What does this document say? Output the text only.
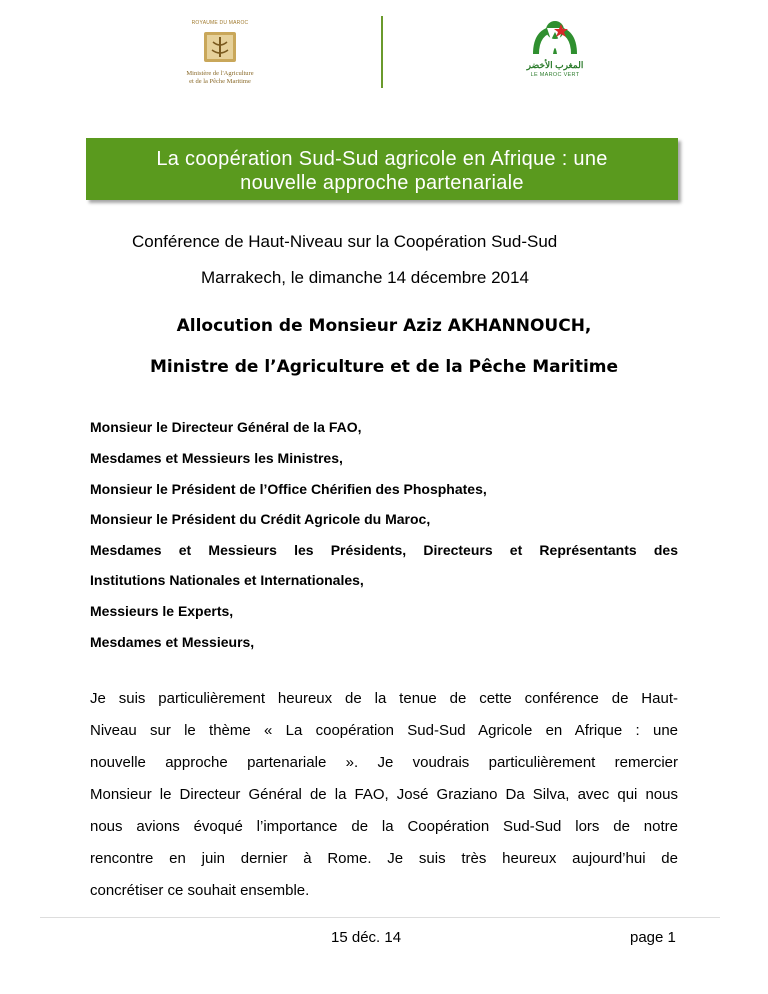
ROYAUME DU MAROC
Ministère de l'Agriculture
et de la Pêche Maritime
المغرب الأخضر
LE MAROC VERT
La coopération Sud-Sud agricole en Afrique : une
nouvelle approche partenariale
Conférence de Haut-Niveau sur la Coopération Sud-Sud
Marrakech, le dimanche 14 décembre 2014
Allocution de Monsieur Aziz AKHANNOUCH,
Ministre de l’Agriculture et de la Pêche Maritime
Monsieur le Directeur Général de la FAO,
Mesdames et Messieurs les Ministres,
Monsieur le Président de l’Office Chérifien des Phosphates,
Monsieur le Président du Crédit Agricole du Maroc,
Mesdames et Messieurs les Présidents, Directeurs et Représentants des
Institutions Nationales et Internationales,
Messieurs le Experts,
Mesdames et Messieurs,
Je suis particulièrement heureux de la tenue de cette conférence de Haut-
Niveau sur le thème « La coopération Sud-Sud Agricole en Afrique : une
nouvelle approche partenariale ». Je voudrais particulièrement remercier
Monsieur le Directeur Général de la FAO, José Graziano Da Silva, avec qui nous
nous avions évoqué l’importance de la Coopération Sud-Sud lors de notre
rencontre en juin dernier à Rome. Je suis très heureux aujourd’hui de
concrétiser ce souhait ensemble.
15 déc. 14	page 1
